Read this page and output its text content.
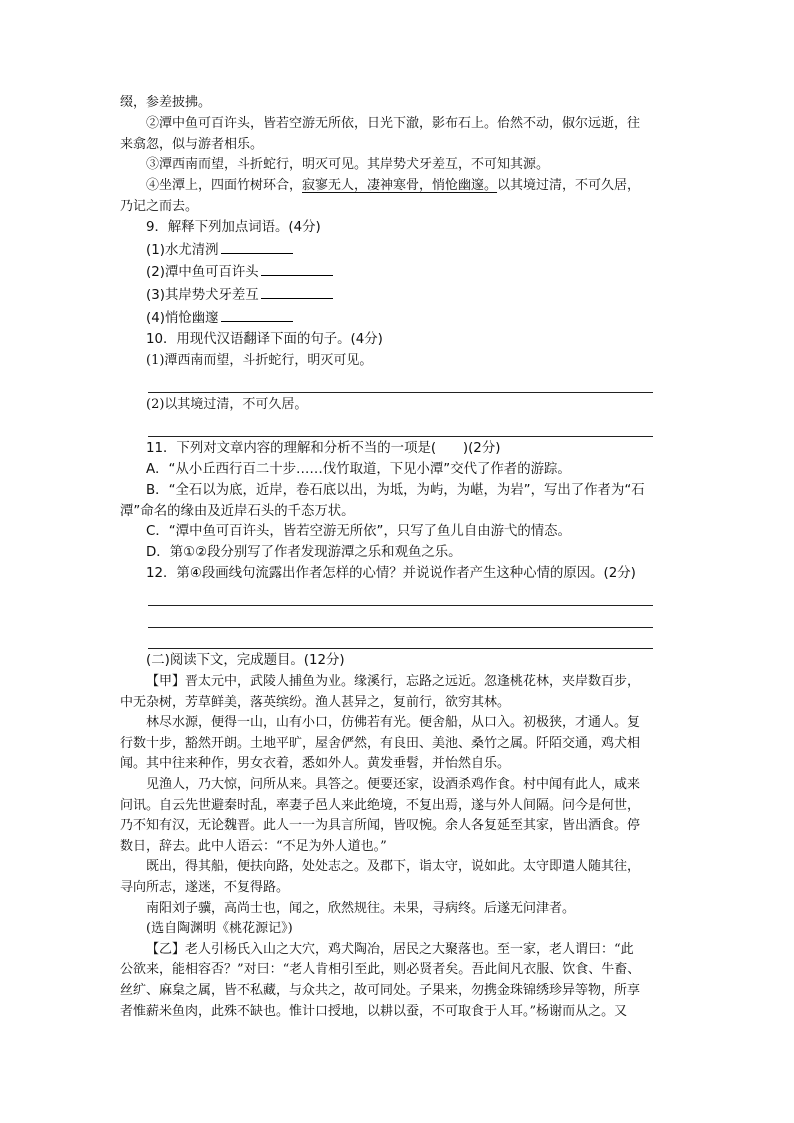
缀，参差披拂。
②潭中鱼可百许头，皆若空游无所依，日光下澈，影布石上。佁然不动，俶尔远逝，往
来翕忽，似与游者相乐。
③潭西南而望，斗折蛇行，明灭可见。其岸势犬牙差互，不可知其源。
④坐潭上，四面竹树环合，寂寥无人，凄神寒骨，悄怆幽邃。以其境过清，不可久居，
乃记之而去。
9．解释下列加点词语。(4分)
(1)水尤清洌
(2)潭中鱼可百许头
(3)其岸势犬牙差互
(4)悄怆幽邃
10．用现代汉语翻译下面的句子。(4分)
(1)潭西南而望，斗折蛇行，明灭可见。
(2)以其境过清，不可久居。
11．下列对文章内容的理解和分析不当的一项是(　　)(2分)
A．“从小丘西行百二十步……伐竹取道，下见小潭”交代了作者的游踪。
B．“全石以为底，近岸，卷石底以出，为坻，为屿，为嵁，为岩”，写出了作者为“石
潭”命名的缘由及近岸石头的千态万状。
C．“潭中鱼可百许头，皆若空游无所依”，只写了鱼儿自由游弋的情态。
D．第①②段分别写了作者发现游潭之乐和观鱼之乐。
12．第④段画线句流露出作者怎样的心情？并说说作者产生这种心情的原因。(2分)
(二)阅读下文，完成题目。(12分)
【甲】晋太元中，武陵人捕鱼为业。缘溪行，忘路之远近。忽逢桃花林，夹岸数百步，
中无杂树，芳草鲜美，落英缤纷。渔人甚异之，复前行，欲穷其林。
林尽水源，便得一山，山有小口，仿佛若有光。便舍船，从口入。初极狭，才通人。复
行数十步，豁然开朗。土地平旷，屋舍俨然，有良田、美池、桑竹之属。阡陌交通，鸡犬相
闻。其中往来种作，男女衣着，悉如外人。黄发垂髫，并怡然自乐。
见渔人，乃大惊，问所从来。具答之。便要还家，设酒杀鸡作食。村中闻有此人，咸来
问讯。自云先世避秦时乱，率妻子邑人来此绝境，不复出焉，遂与外人间隔。问今是何世，
乃不知有汉，无论魏晋。此人一一为具言所闻，皆叹惋。余人各复延至其家，皆出酒食。停
数日，辞去。此中人语云：“不足为外人道也。”
既出，得其船，便扶向路，处处志之。及郡下，诣太守，说如此。太守即遣人随其往，
寻向所志，遂迷，不复得路。
南阳刘子骥，高尚士也，闻之，欣然规往。未果，寻病终。后遂无问津者。
(选自陶渊明《桃花源记》)
【乙】老人引杨氏入山之大穴，鸡犬陶冶，居民之大聚落也。至一家，老人谓曰：“此
公欲来，能相容否？”对曰：“老人肯相引至此，则必贤者矣。吾此间凡衣服、饮食、牛畜、
丝纩、麻枲之属，皆不私藏，与众共之，故可同处。子果来，勿携金珠锦绣珍异等物，所享
者惟薪米鱼肉，此殊不缺也。惟计口授地，以耕以蚕，不可取食于人耳。”杨谢而从之。又
